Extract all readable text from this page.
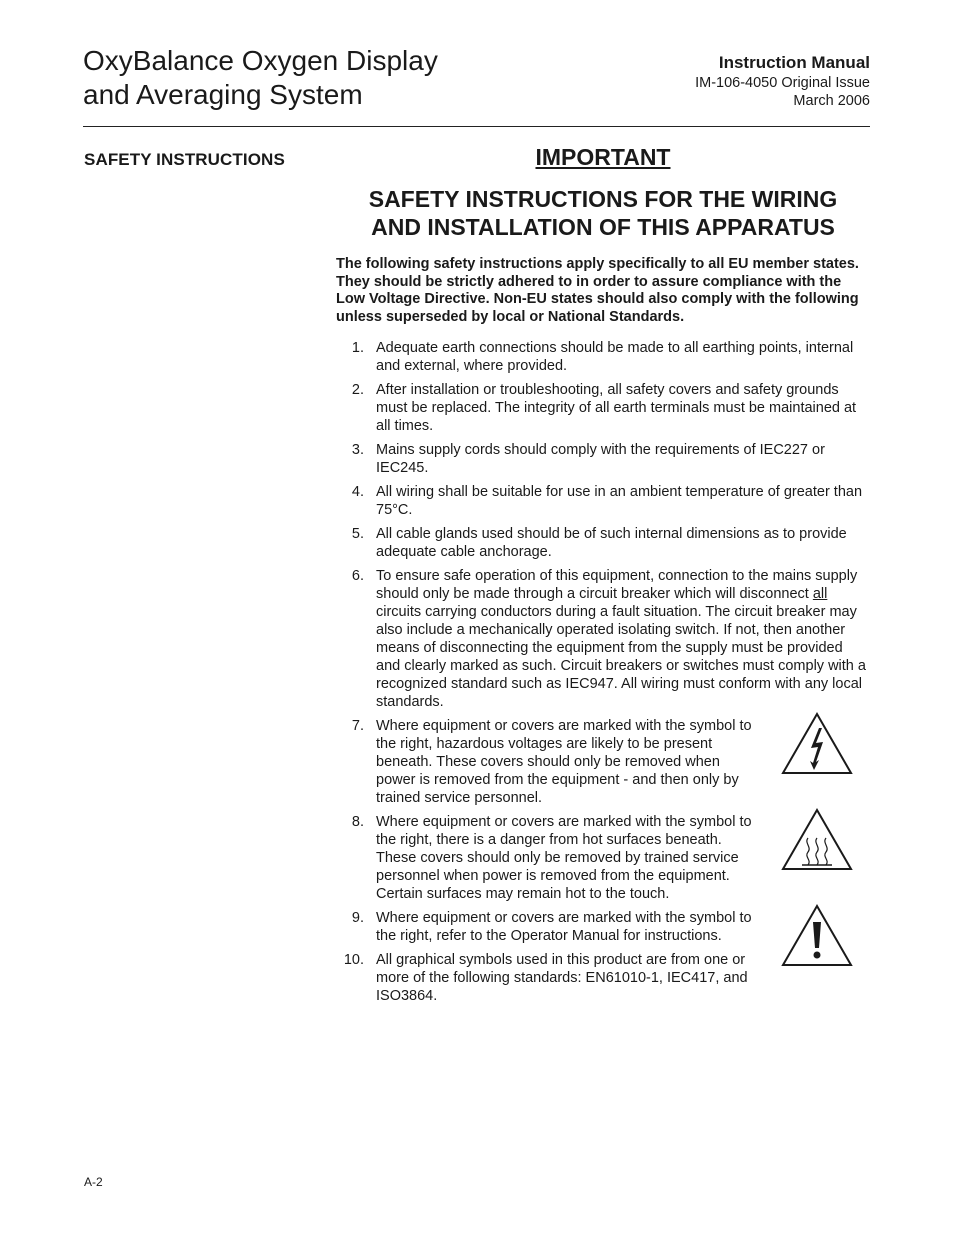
OxyBalance Oxygen Display
and Averaging System
Instruction Manual
IM-106-4050 Original Issue
March 2006
SAFETY INSTRUCTIONS	IMPORTANT
SAFETY INSTRUCTIONS FOR THE WIRING
AND INSTALLATION OF THIS APPARATUS
The following safety instructions apply specifically to all EU member states. They should be strictly adhered to in order to assure compliance with the Low Voltage Directive. Non-EU states should also comply with the following unless superseded by local or National Standards.
1. Adequate earth connections should be made to all earthing points, internal and external, where provided.
2. After installation or troubleshooting, all safety covers and safety grounds must be replaced. The integrity of all earth terminals must be maintained at all times.
3. Mains supply cords should comply with the requirements of IEC227 or IEC245.
4. All wiring shall be suitable for use in an ambient temperature of greater than 75°C.
5. All cable glands used should be of such internal dimensions as to provide adequate cable anchorage.
6. To ensure safe operation of this equipment, connection to the mains supply should only be made through a circuit breaker which will disconnect all circuits carrying conductors during a fault situation. The circuit breaker may also include a mechanically operated isolating switch. If not, then another means of disconnecting the equipment from the supply must be provided and clearly marked as such. Circuit breakers or switches must comply with a recognized standard such as IEC947. All wiring must conform with any local standards.
7. Where equipment or covers are marked with the symbol to the right, hazardous voltages are likely to be present beneath. These covers should only be removed when power is removed from the equipment - and then only by trained service personnel.
8. Where equipment or covers are marked with the symbol to the right, there is a danger from hot surfaces beneath. These covers should only be removed by trained service personnel when power is removed from the equipment. Certain surfaces may remain hot to the touch.
9. Where equipment or covers are marked with the symbol to the right, refer to the Operator Manual for instructions.
10. All graphical symbols used in this product are from one or more of the following standards: EN61010-1, IEC417, and ISO3864.
A-2
